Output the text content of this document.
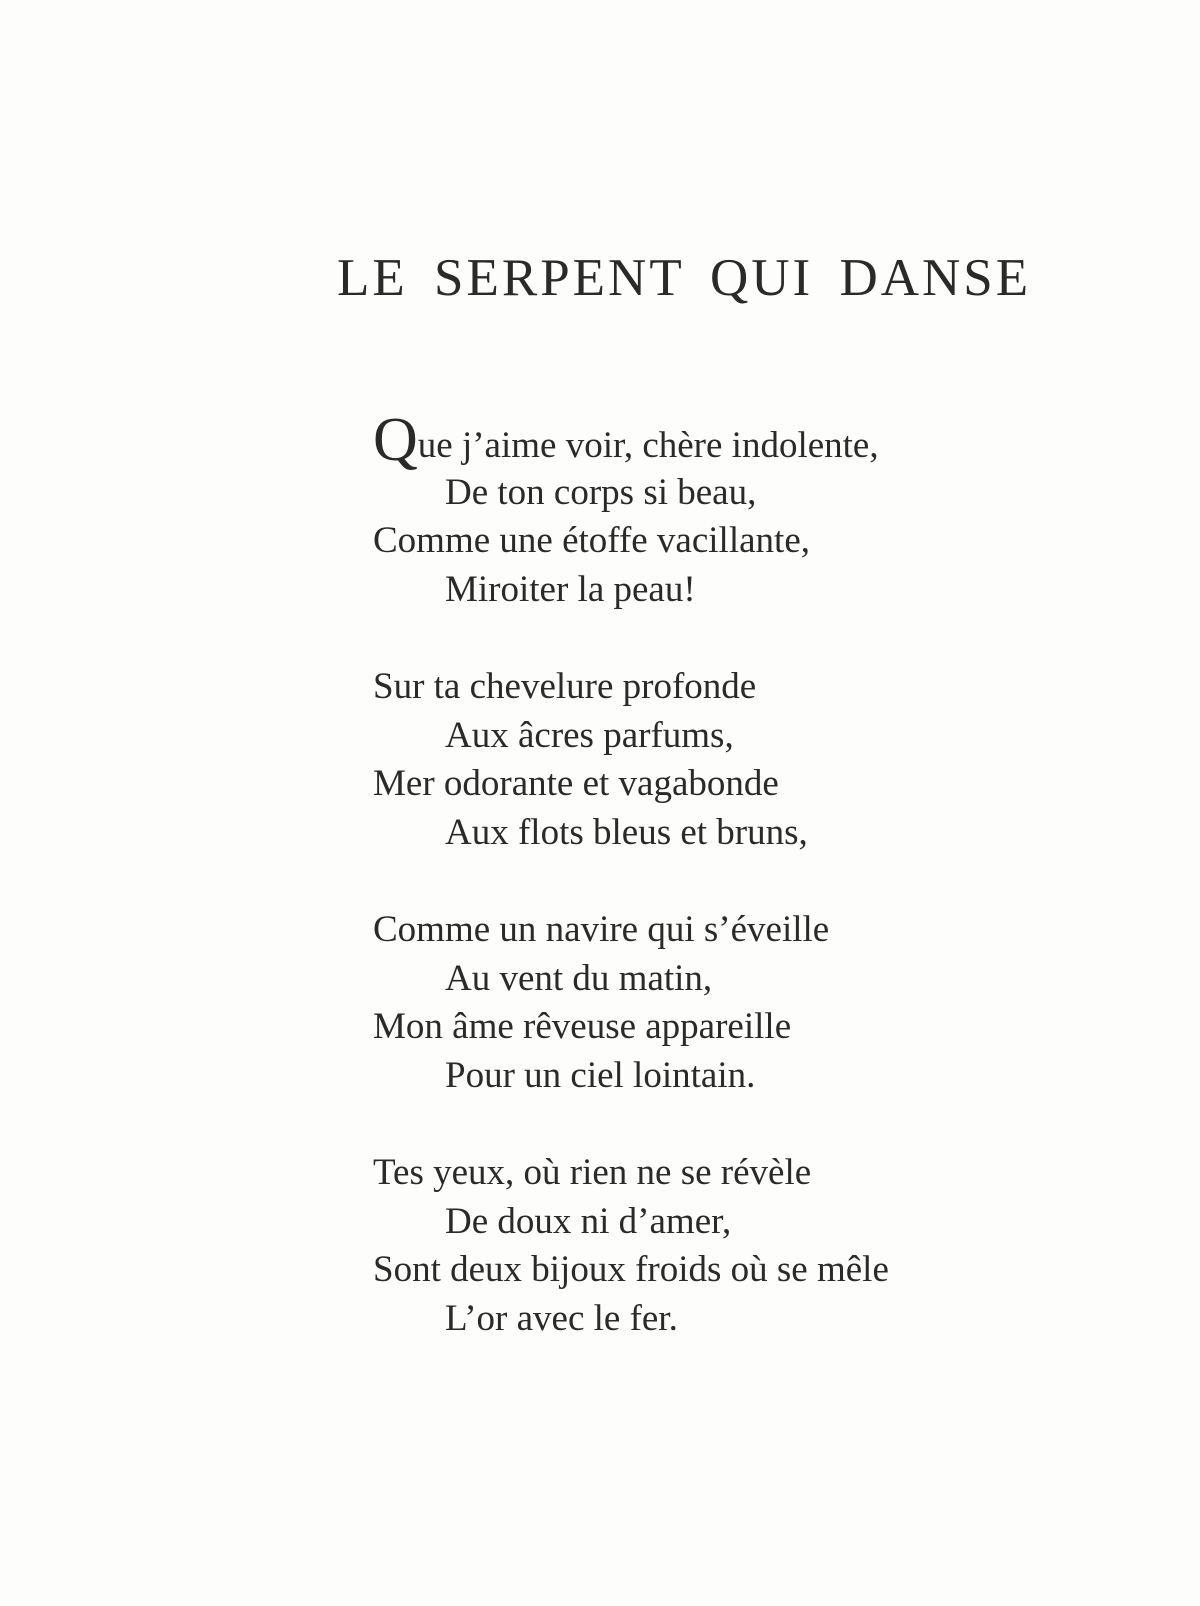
LE SERPENT QUI DANSE
Que j’aime voir, chère indolente,
De ton corps si beau,
Comme une étoffe vacillante,
Miroiter la peau!
Sur ta chevelure profonde
Aux âcres parfums,
Mer odorante et vagabonde
Aux flots bleus et bruns,
Comme un navire qui s’éveille
Au vent du matin,
Mon âme rêveuse appareille
Pour un ciel lointain.
Tes yeux, où rien ne se révèle
De doux ni d’amer,
Sont deux bijoux froids où se mêle
L’or avec le fer.
